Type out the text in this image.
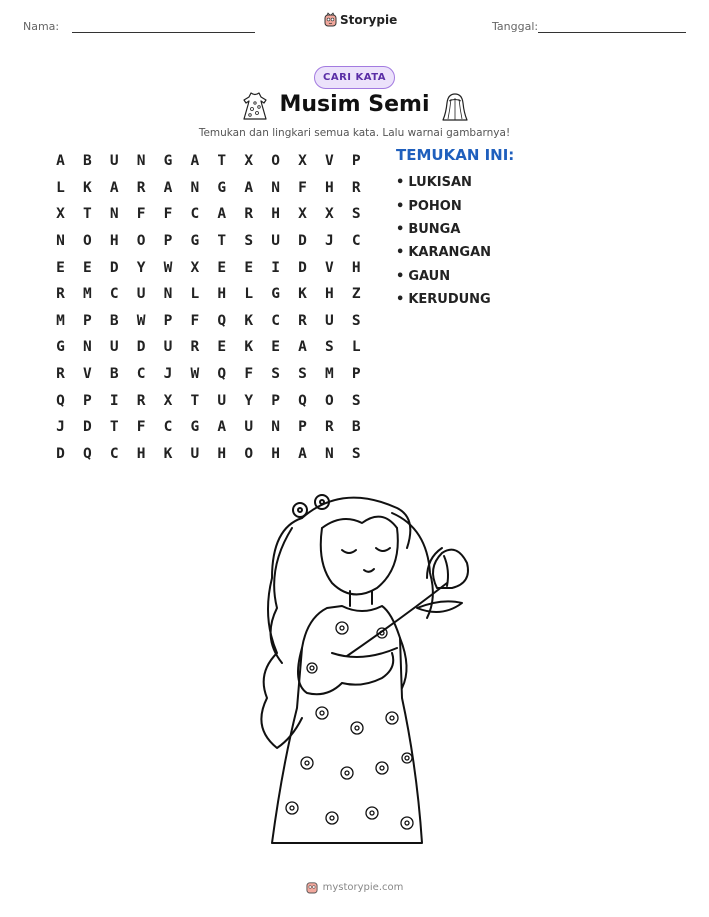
Nama:	Storypie	Tanggal:
CARI KATA
Musim Semi
Temukan dan lingkari semua kata. Lalu warnai gambarnya!
A	B	U	N	G	A	T	X	O	X	V	P
L	K	A	R	A	N	G	A	N	F	H	R
X	T	N	F	F	C	A	R	H	X	X	S
N	O	H	O	P	G	T	S	U	D	J	C
E	E	D	Y	W	X	E	E	I	D	V	H
R	M	C	U	N	L	H	L	G	K	H	Z
M	P	B	W	P	F	Q	K	C	R	U	S
G	N	U	D	U	R	E	K	E	A	S	L
R	V	B	C	J	W	Q	F	S	S	M	P
Q	P	I	R	X	T	U	Y	P	Q	O	S
J	D	T	F	C	G	A	U	N	P	R	B
D	Q	C	H	K	U	H	O	H	A	N	S
TEMUKAN INI:
• LUKISAN
• POHON
• BUNGA
• KARANGAN
• GAUN
• KERUDUNG
mystorypie.com
